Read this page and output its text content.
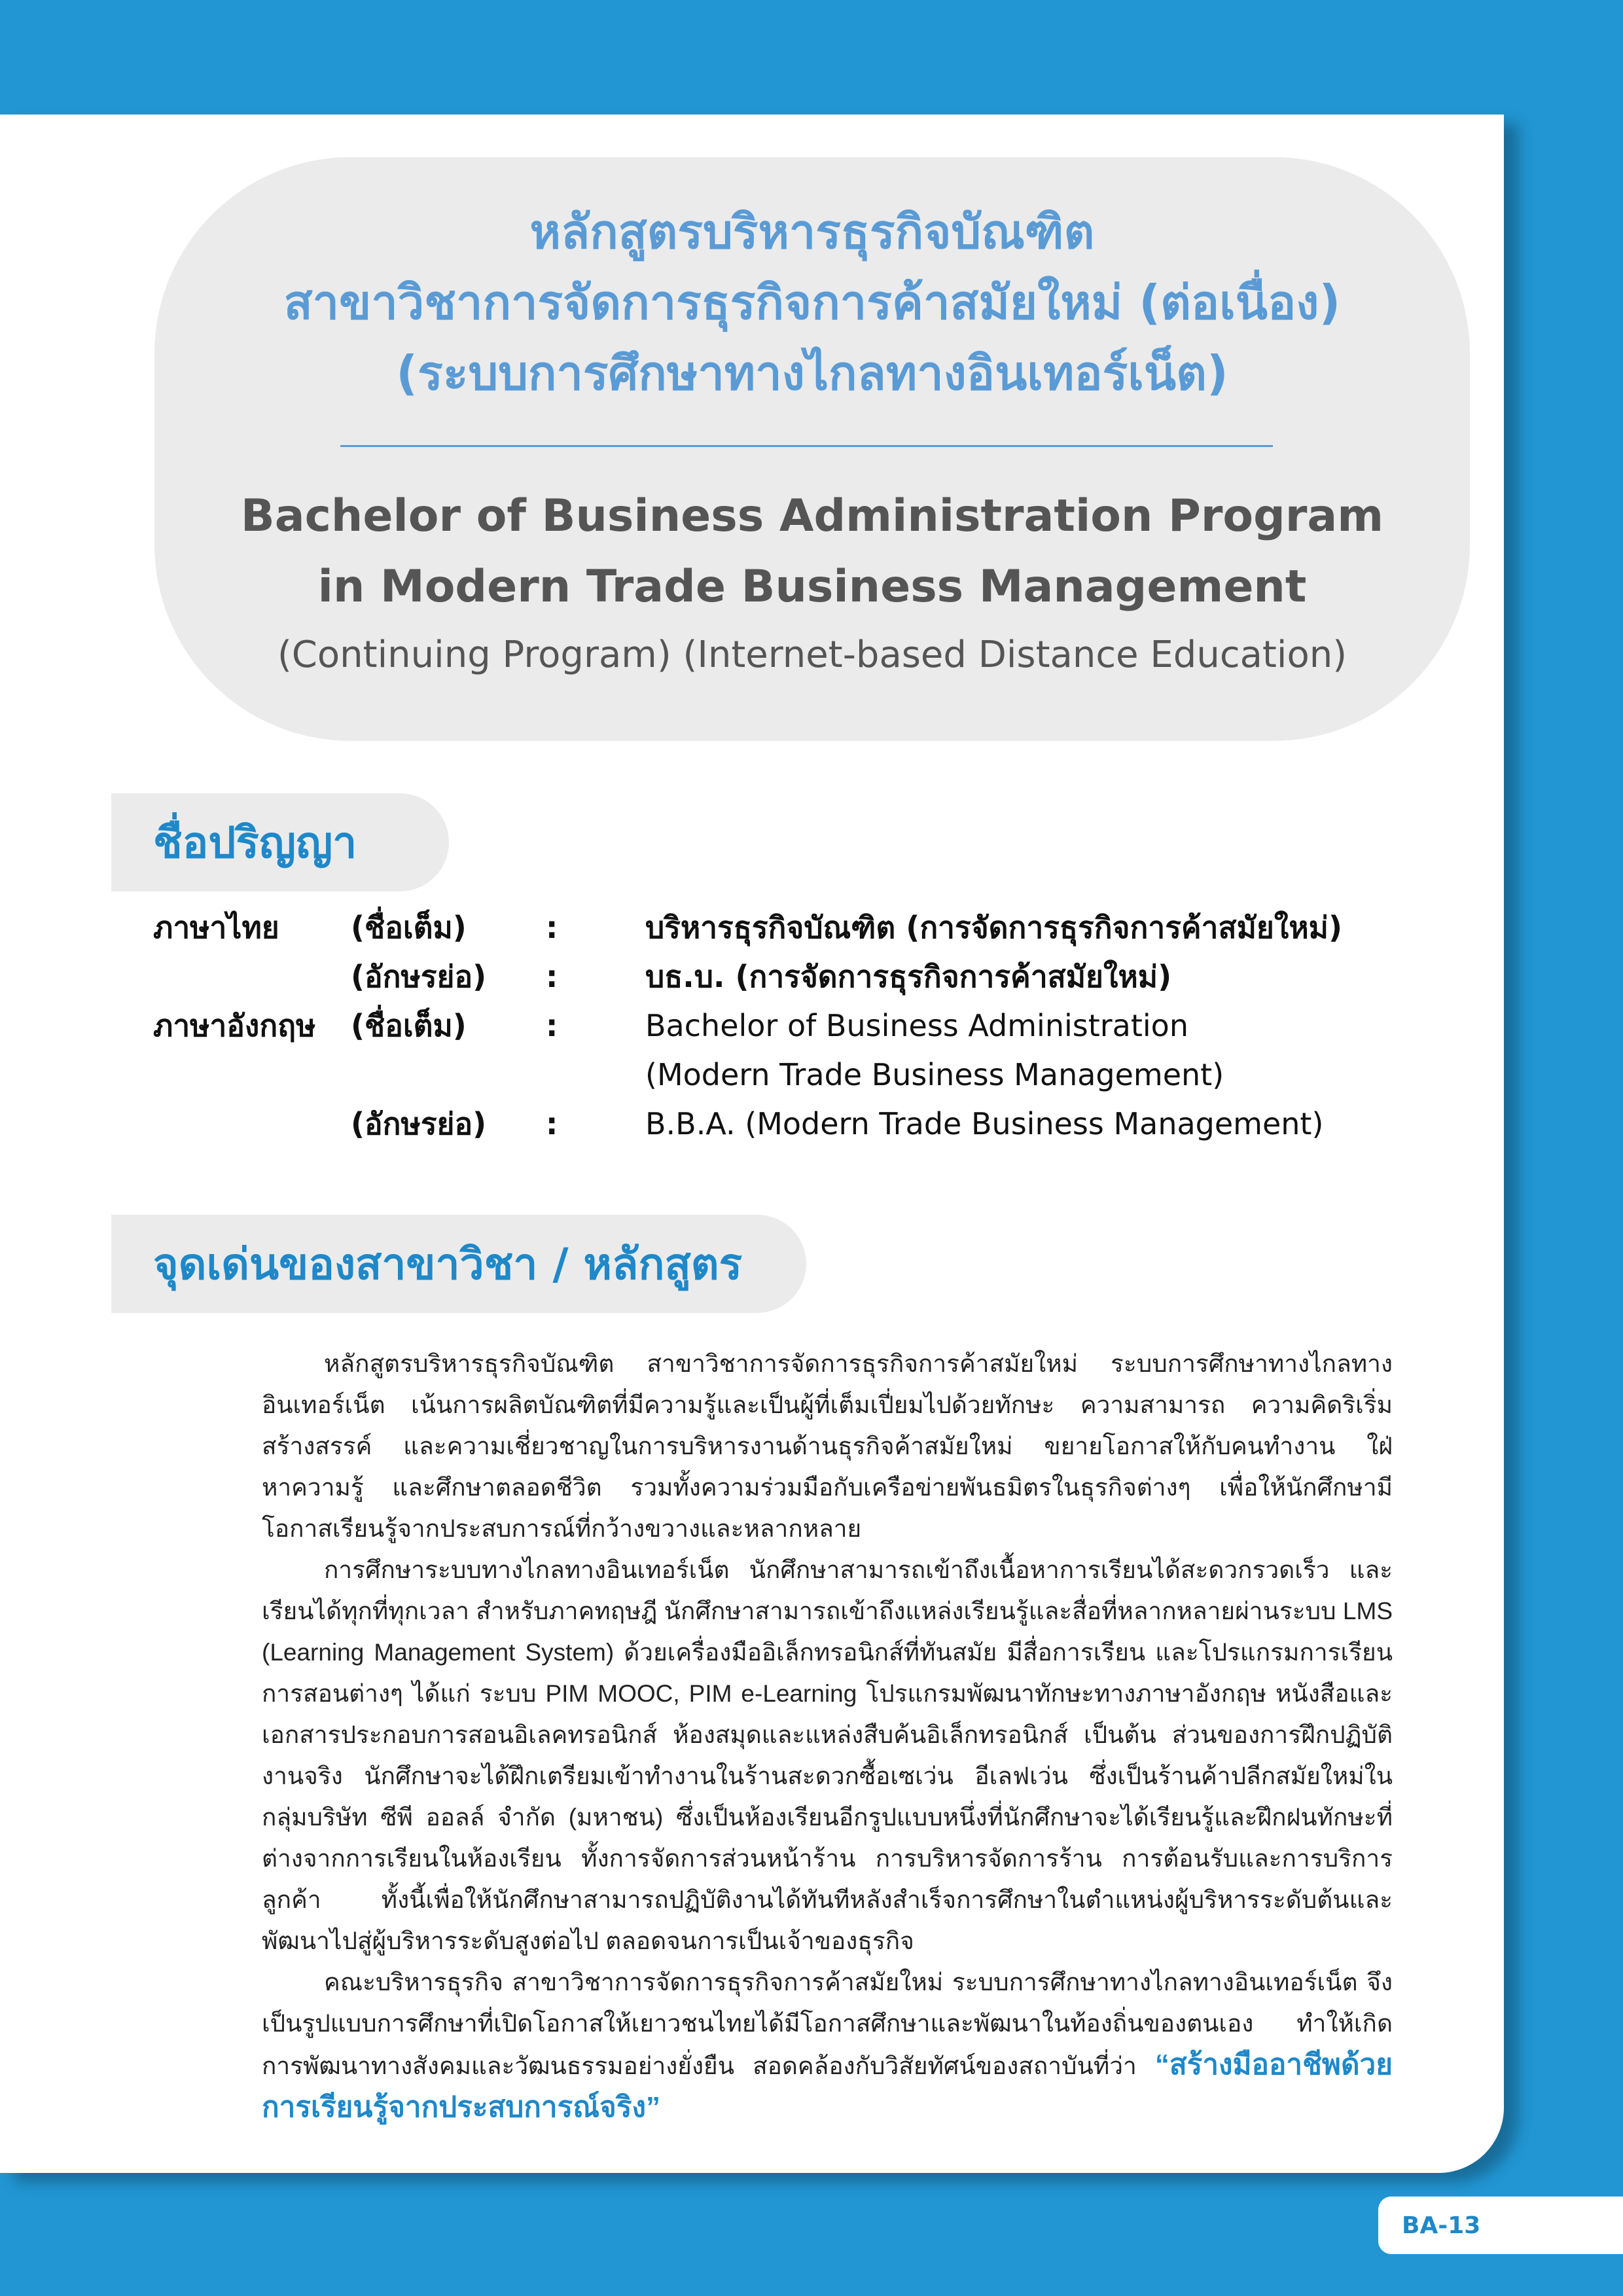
หลักสูตรบริหารธุรกิจบัณฑิต
สาขาวิชาการจัดการธุรกิจการค้าสมัยใหม่ (ต่อเนื่อง)
(ระบบการศึกษาทางไกลทางอินเทอร์เน็ต)
Bachelor of Business Administration Program
in Modern Trade Business Management
(Continuing Program) (Internet-based Distance Education)
ชื่อปริญญา
ภาษาไทย (ชื่อเต็ม)	:	บริหารธุรกิจบัณฑิต (การจัดการธุรกิจการค้าสมัยใหม่)
(อักษรย่อ) :	บธ.บ. (การจัดการธุรกิจการค้าสมัยใหม่)
ภาษาอังกฤษ (ชื่อเต็ม)	:	Bachelor of Business Administration
(Modern Trade Business Management)
(อักษรย่อ) :	B.B.A. (Modern Trade Business Management)
จุดเด่นของสาขาวิชา / หลักสูตร

หลักสูตรบริหารธุรกิจบัณฑิต สาขาวิชาการจัดการธุรกิจการค้าสมัยใหม่ ระบบการศึกษาทางไกลทางอินเทอร์เน็ต เน้นการผลิตบัณฑิตที่มีความรู้และเป็นผู้ที่เต็มเปี่ยมไปด้วยทักษะ ความสามารถ ความคิดริเริ่มสร้างสรรค์ และความเชี่ยวชาญในการบริหารงานด้านธุรกิจค้าสมัยใหม่ ขยายโอกาสให้กับคนทำงาน ใฝ่หาความรู้ และศึกษาตลอดชีวิต รวมทั้งความร่วมมือกับเครือข่ายพันธมิตรในธุรกิจต่างๆ เพื่อให้นักศึกษามีโอกาสเรียนรู้จากประสบการณ์ที่กว้างขวางและหลากหลาย

การศึกษาระบบทางไกลทางอินเทอร์เน็ต นักศึกษาสามารถเข้าถึงเนื้อหาการเรียนได้สะดวกรวดเร็ว และเรียนได้ทุกที่ทุกเวลา สำหรับภาคทฤษฎี นักศึกษาสามารถเข้าถึงแหล่งเรียนรู้และสื่อที่หลากหลายผ่านระบบ LMS (Learning Management System) ด้วยเครื่องมืออิเล็กทรอนิกส์ที่ทันสมัย มีสื่อการเรียน และโปรแกรมการเรียนการสอนต่างๆ ได้แก่ ระบบ PIM MOOC, PIM e-Learning โปรแกรมพัฒนาทักษะทางภาษาอังกฤษ หนังสือและเอกสารประกอบการสอนอิเลคทรอนิกส์ ห้องสมุดและแหล่งสืบค้นอิเล็กทรอนิกส์ เป็นต้น ส่วนของการฝึกปฏิบัติงานจริง นักศึกษาจะได้ฝึกเตรียมเข้าทำงานในร้านสะดวกซื้อเซเว่น อีเลฟเว่น ซึ่งเป็นร้านค้าปลีกสมัยใหม่ในกลุ่มบริษัท ซีพี ออลล์ จำกัด (มหาชน) ซึ่งเป็นห้องเรียนอีกรูปแบบหนึ่งที่นักศึกษาจะได้เรียนรู้และฝึกฝนทักษะที่ต่างจากการเรียนในห้องเรียน ทั้งการจัดการส่วนหน้าร้าน การบริหารจัดการร้าน การต้อนรับและการบริการลูกค้า ทั้งนี้เพื่อให้นักศึกษาสามารถปฏิบัติงานได้ทันทีหลังสำเร็จการศึกษาในตำแหน่งผู้บริหารระดับต้นและพัฒนาไปสู่ผู้บริหารระดับสูงต่อไป ตลอดจนการเป็นเจ้าของธุรกิจ

คณะบริหารธุรกิจ สาขาวิชาการจัดการธุรกิจการค้าสมัยใหม่ ระบบการศึกษาทางไกลทางอินเทอร์เน็ต จึงเป็นรูปแบบการศึกษาที่เปิดโอกาสให้เยาวชนไทยได้มีโอกาสศึกษาและพัฒนาในท้องถิ่นของตนเอง ทำให้เกิดการพัฒนาทางสังคมและวัฒนธรรมอย่างยั่งยืน สอดคล้องกับวิสัยทัศน์ของสถาบันที่ว่า “สร้างมืออาชีพด้วยการเรียนรู้จากประสบการณ์จริง”

BA-13
